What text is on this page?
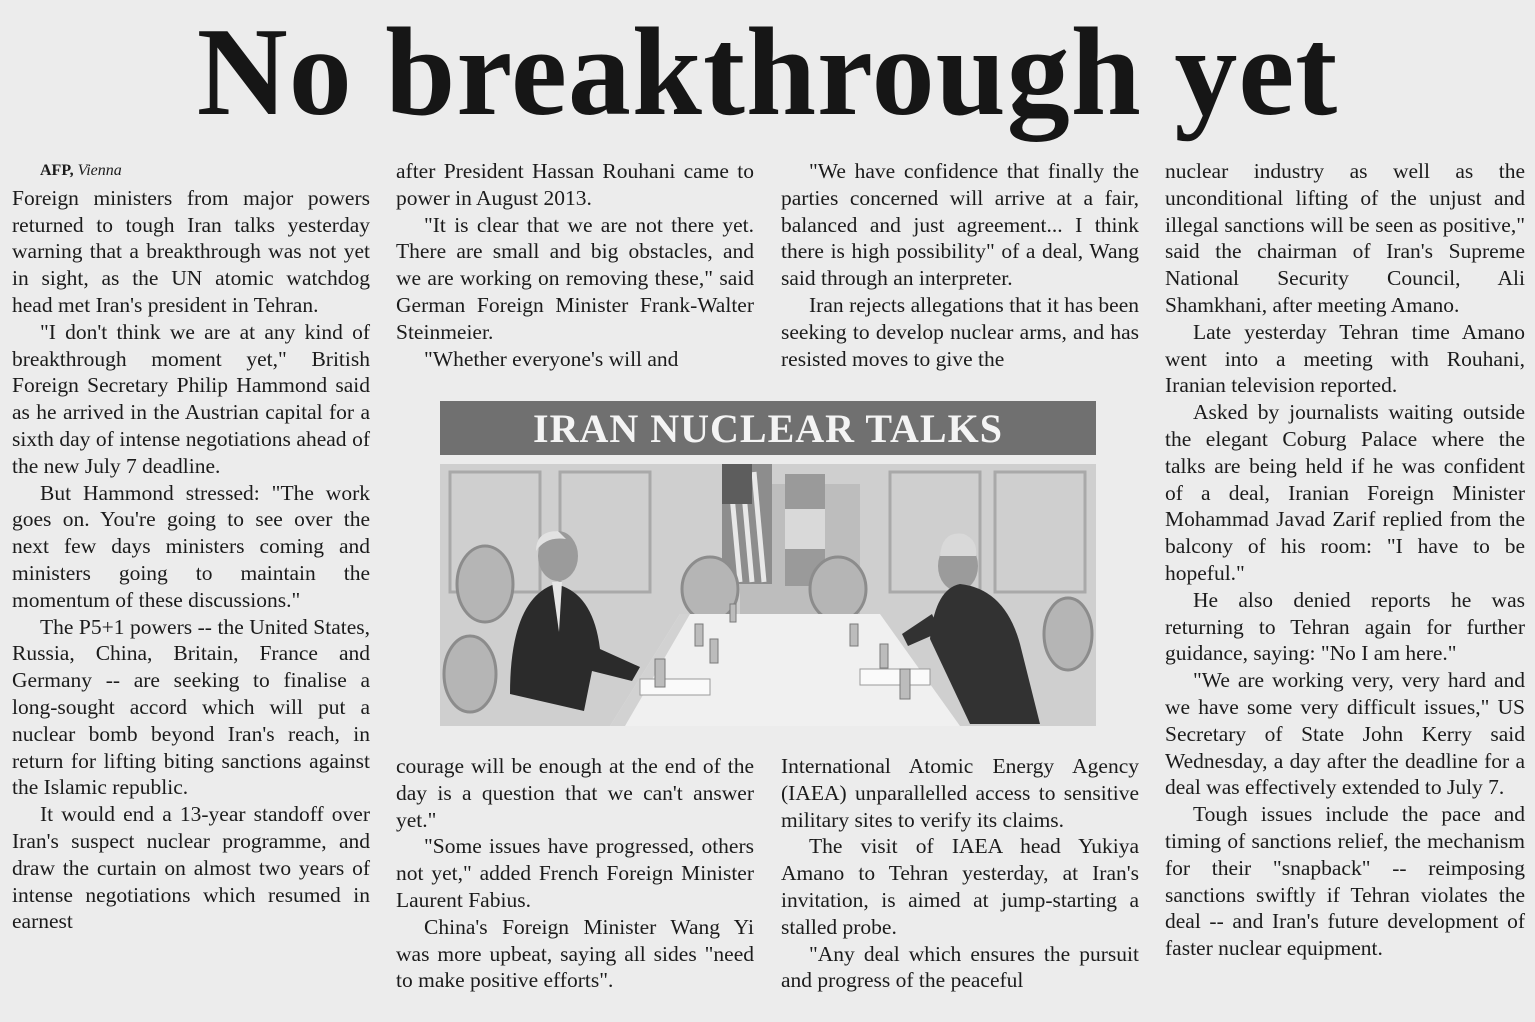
No breakthrough yet

AFP, Vienna

Foreign ministers from major powers returned to tough Iran talks yesterday warning that a breakthrough was not yet in sight, as the UN atomic watchdog head met Iran's president in Tehran.

"I don't think we are at any kind of breakthrough moment yet," British Foreign Secretary Philip Hammond said as he arrived in the Austrian capital for a sixth day of intense negotiations ahead of the new July 7 deadline.

But Hammond stressed: "The work goes on. You're going to see over the next few days ministers coming and ministers going to maintain the momentum of these discussions."

The P5+1 powers -- the United States, Russia, China, Britain, France and Germany -- are seeking to finalise a long-sought accord which will put a nuclear bomb beyond Iran's reach, in return for lifting biting sanctions against the Islamic republic.

It would end a 13-year standoff over Iran's suspect nuclear programme, and draw the curtain on almost two years of intense negotiations which resumed in earnest

after President Hassan Rouhani came to power in August 2013.

"It is clear that we are not there yet. There are small and big obstacles, and we are working on removing these," said German Foreign Minister Frank-Walter Steinmeier.

"Whether everyone's will and

"We have confidence that finally the parties concerned will arrive at a fair, balanced and just agreement... I think there is high possibility" of a deal, Wang said through an interpreter.

Iran rejects allegations that it has been seeking to develop nuclear arms, and has resisted moves to give the

IRAN NUCLEAR TALKS

courage will be enough at the end of the day is a question that we can't answer yet."

"Some issues have progressed, others not yet," added French Foreign Minister Laurent Fabius.

China's Foreign Minister Wang Yi was more upbeat, saying all sides "need to make positive efforts".

International Atomic Energy Agency (IAEA) unparallelled access to sensitive military sites to verify its claims.

The visit of IAEA head Yukiya Amano to Tehran yesterday, at Iran's invitation, is aimed at jump-starting a stalled probe.

"Any deal which ensures the pursuit and progress of the peaceful

nuclear industry as well as the unconditional lifting of the unjust and illegal sanctions will be seen as positive," said the chairman of Iran's Supreme National Security Council, Ali Shamkhani, after meeting Amano.

Late yesterday Tehran time Amano went into a meeting with Rouhani, Iranian television reported.

Asked by journalists waiting outside the elegant Coburg Palace where the talks are being held if he was confident of a deal, Iranian Foreign Minister Mohammad Javad Zarif replied from the balcony of his room: "I have to be hopeful."

He also denied reports he was returning to Tehran again for further guidance, saying: "No I am here."

"We are working very, very hard and we have some very difficult issues," US Secretary of State John Kerry said Wednesday, a day after the deadline for a deal was effectively extended to July 7.

Tough issues include the pace and timing of sanctions relief, the mechanism for their "snapback" -- reimposing sanctions swiftly if Tehran violates the deal -- and Iran's future development of faster nuclear equipment.
